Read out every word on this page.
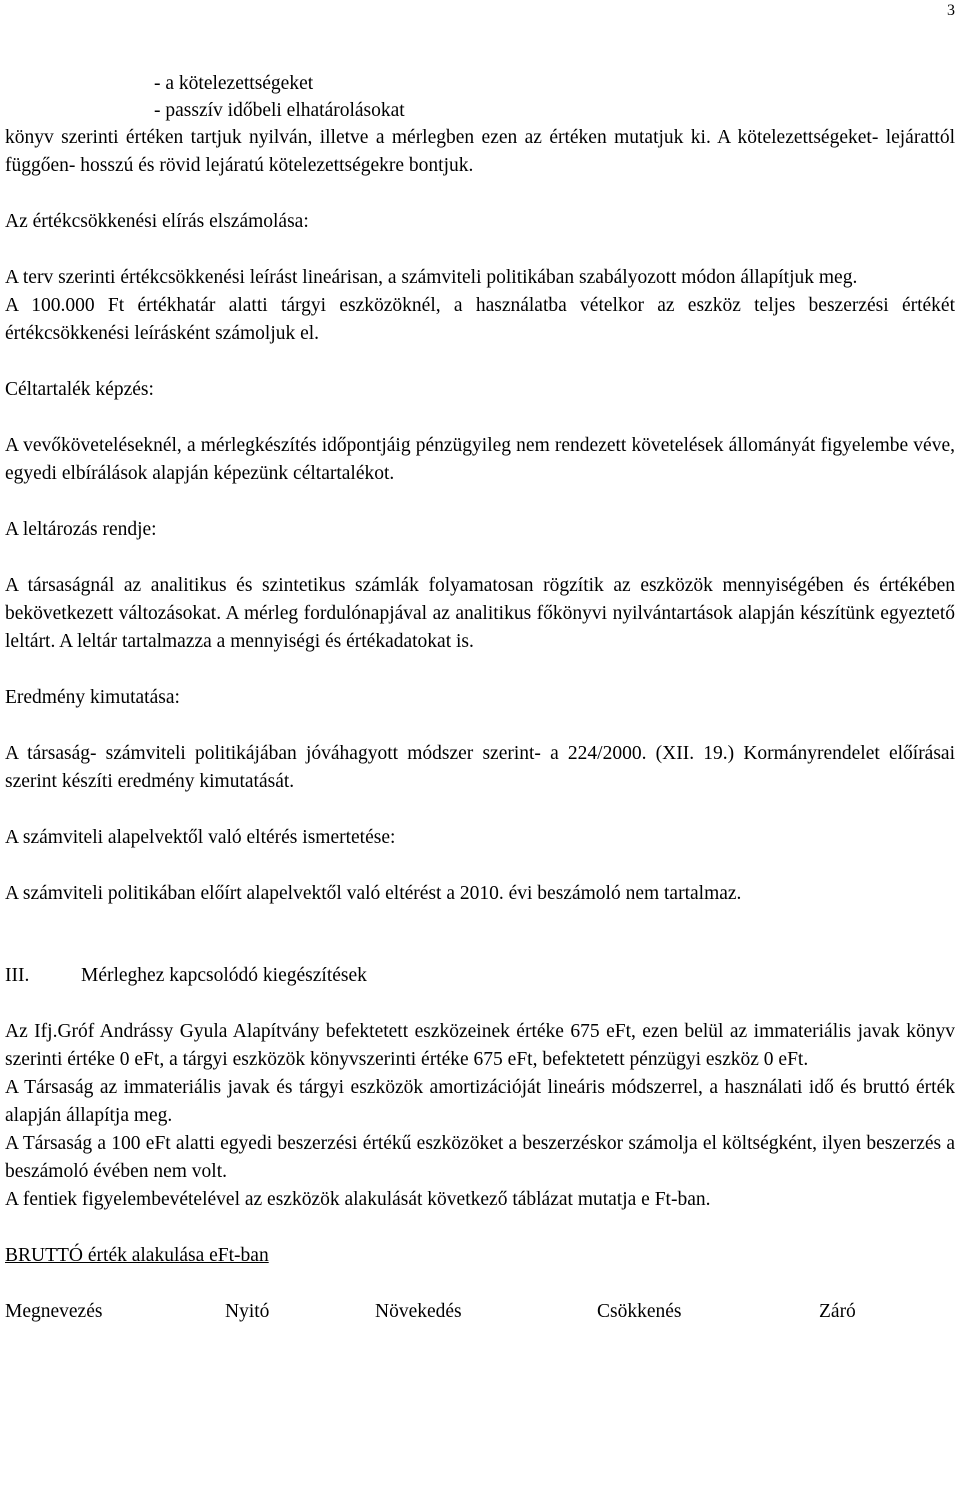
3

- a kötelezettségeket

- passzív időbeli elhatárolásokat

könyv szerinti értéken tartjuk nyilván, illetve a mérlegben ezen az értéken mutatjuk ki. A kötelezettségeket- lejárattól függően- hosszú és rövid lejáratú kötelezettségekre bontjuk.

Az értékcsökkenési elírás elszámolása:

A terv szerinti értékcsökkenési leírást lineárisan, a számviteli politikában szabályozott módon állapítjuk meg.

A 100.000 Ft értékhatár alatti tárgyi eszközöknél, a használatba vételkor az eszköz teljes beszerzési értékét értékcsökkenési leírásként számoljuk el.

Céltartalék képzés:

A vevőköveteléseknél, a mérlegkészítés időpontjáig pénzügyileg nem rendezett követelések állományát figyelembe véve, egyedi elbírálások alapján képezünk céltartalékot.

A leltározás rendje:

A társaságnál az analitikus és szintetikus számlák folyamatosan rögzítik az eszközök mennyiségében és értékében bekövetkezett változásokat. A mérleg fordulónapjával az analitikus főkönyvi nyilvántartások alapján készítünk egyeztető leltárt. A leltár tartalmazza a mennyiségi és értékadatokat is.

Eredmény kimutatása:

A társaság- számviteli politikájában jóváhagyott módszer szerint- a 224/2000. (XII. 19.) Kormányrendelet előírásai szerint készíti eredmény kimutatását.

A számviteli alapelvektől való eltérés ismertetése:

A számviteli politikában előírt alapelvektől való eltérést a 2010. évi beszámoló nem tartalmaz.

III.	Mérleghez kapcsolódó kiegészítések

Az Ifj.Gróf Andrássy Gyula Alapítvány befektetett eszközeinek értéke 675 eFt, ezen belül az immateriális javak könyv szerinti értéke 0 eFt, a tárgyi eszközök könyvszerinti értéke 675 eFt, befektetett pénzügyi eszköz 0 eFt.

A Társaság az immateriális javak és tárgyi eszközök amortizációját lineáris módszerrel, a használati idő és bruttó érték alapján állapítja meg.

A Társaság a 100 eFt alatti egyedi beszerzési értékű eszközöket a beszerzéskor számolja el költségként, ilyen beszerzés a beszámoló évében nem volt.

A fentiek figyelembevételével az eszközök alakulását következő táblázat mutatja e Ft-ban.

BRUTTÓ érték alakulása eFt-ban

Megnevezés	Nyitó	Növekedés	Csökkenés	Záró
